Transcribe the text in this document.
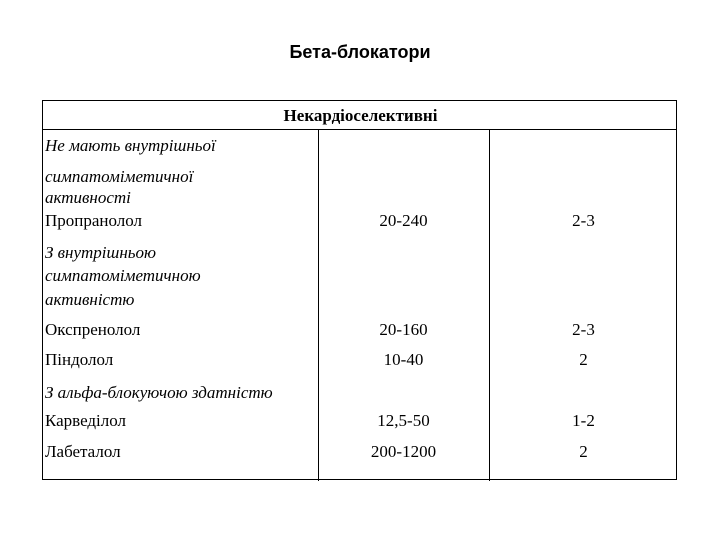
Бета-блокатори
Некардіоселективні
Не мають внутрішньої
симпатоміметичної
активності
Пропранолол	20-240	2-3
З внутрішньою
симпатоміметичною
активністю
Окспренолол	20-160	2-3
Піндолол	10-40	2
З альфа-блокуючою здатністю
Карведілол	12,5-50	1-2
Лабеталол	200-1200	2
